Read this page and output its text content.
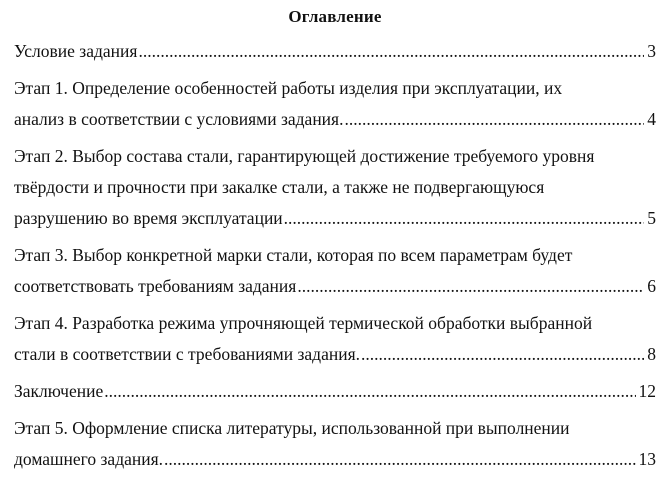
Оглавление
Условие задания .....	3
Этап 1. Определение особенностей работы изделия при эксплуатации, их
анализ в соответствии с условиями задания. .....	4
Этап 2. Выбор состава стали, гарантирующей достижение требуемого уровня
твёрдости и прочности при закалке стали, а также не подвергающуюся
разрушению во время эксплуатации .....	5
Этап 3. Выбор конкретной марки стали, которая по всем параметрам будет
соответствовать требованиям задания .....	6
Этап 4. Разработка режима упрочняющей термической обработки выбранной
стали в соответствии с требованиями задания. .....	8
Заключение .....	12
Этап 5. Оформление списка литературы, использованной при выполнении
домашнего задания. .....	13
